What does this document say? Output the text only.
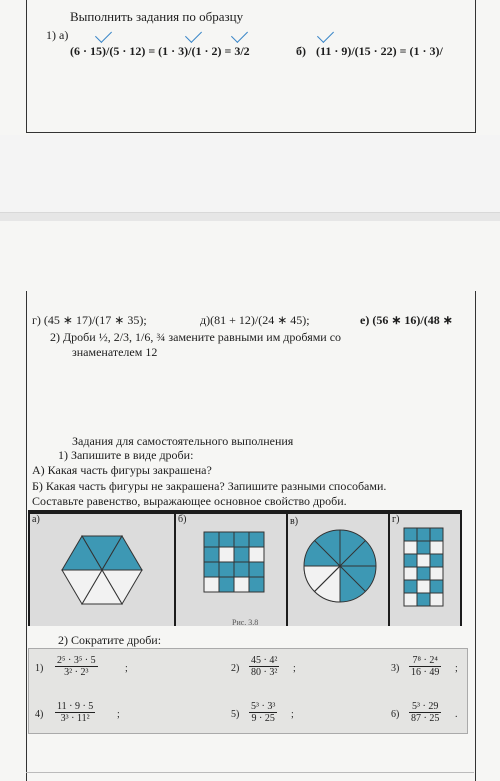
Выполнить задания по образцу
1) а)
(6 · 15)/(5 · 12) = (1 · 3)/(1 · 2) = 3/2	б) (11 · 9)/(15 · 22) = (1 · 3)/
г) (45 ∗ 17)/(17 ∗ 35);	д)(81 + 12)/(24 ∗ 45);	е) (56 ∗ 16)/(48 ∗
2) Дроби ½, 2/3, 1/6, ¾ замените равными им дробями со
знаменателем 12
Задания для самостоятельного выполнения
1) Запишите в виде дроби:
А) Какая часть фигуры закрашена?
Б) Какая часть фигуры не закрашена? Запишите разными способами.
Составьте равенство, выражающее основное свойство дроби.
а)	б)	в)	г)
Рис. 3.8
2) Сократите дроби:
$1) \frac{\text{2⁵ · 3⁵ · 5}}{\text{3² · 2³}}$	;	$2) \frac{\text{45 · 4²}}{\text{80 · 3²}}$ ;	$3) \frac{\text{7⁸ · 2⁴}}{16 \cdot 49}$ ;
$4) \frac{11 \cdot 9 \cdot 5}{\text{3³ · 11²}}$ ;	$5) \frac{\text{5³ · 3³}}{9 \cdot 25}$ ;	$6) \frac{\text{5³ · 29}}{87 \cdot 25}$ .
